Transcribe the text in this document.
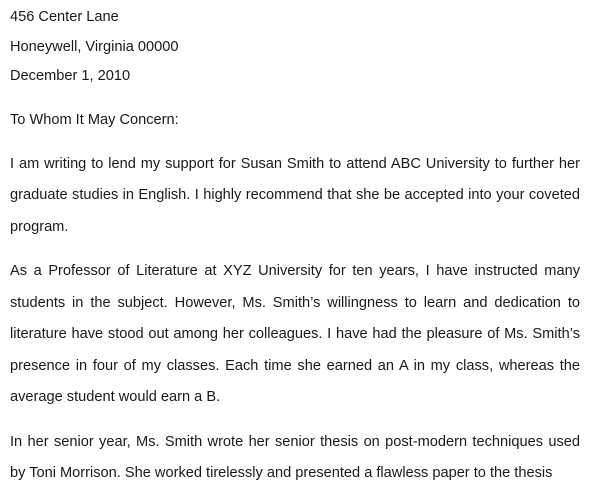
456 Center Lane
Honeywell, Virginia 00000
December 1, 2010
To Whom It May Concern:
I am writing to lend my support for Susan Smith to attend ABC University to further her graduate studies in English. I highly recommend that she be accepted into your coveted program.
As a Professor of Literature at XYZ University for ten years, I have instructed many students in the subject. However, Ms. Smith’s willingness to learn and dedication to literature have stood out among her colleagues. I have had the pleasure of Ms. Smith’s presence in four of my classes. Each time she earned an A in my class, whereas the average student would earn a B.
In her senior year, Ms. Smith wrote her senior thesis on post-modern techniques used by Toni Morrison. She worked tirelessly and presented a flawless paper to the thesis
